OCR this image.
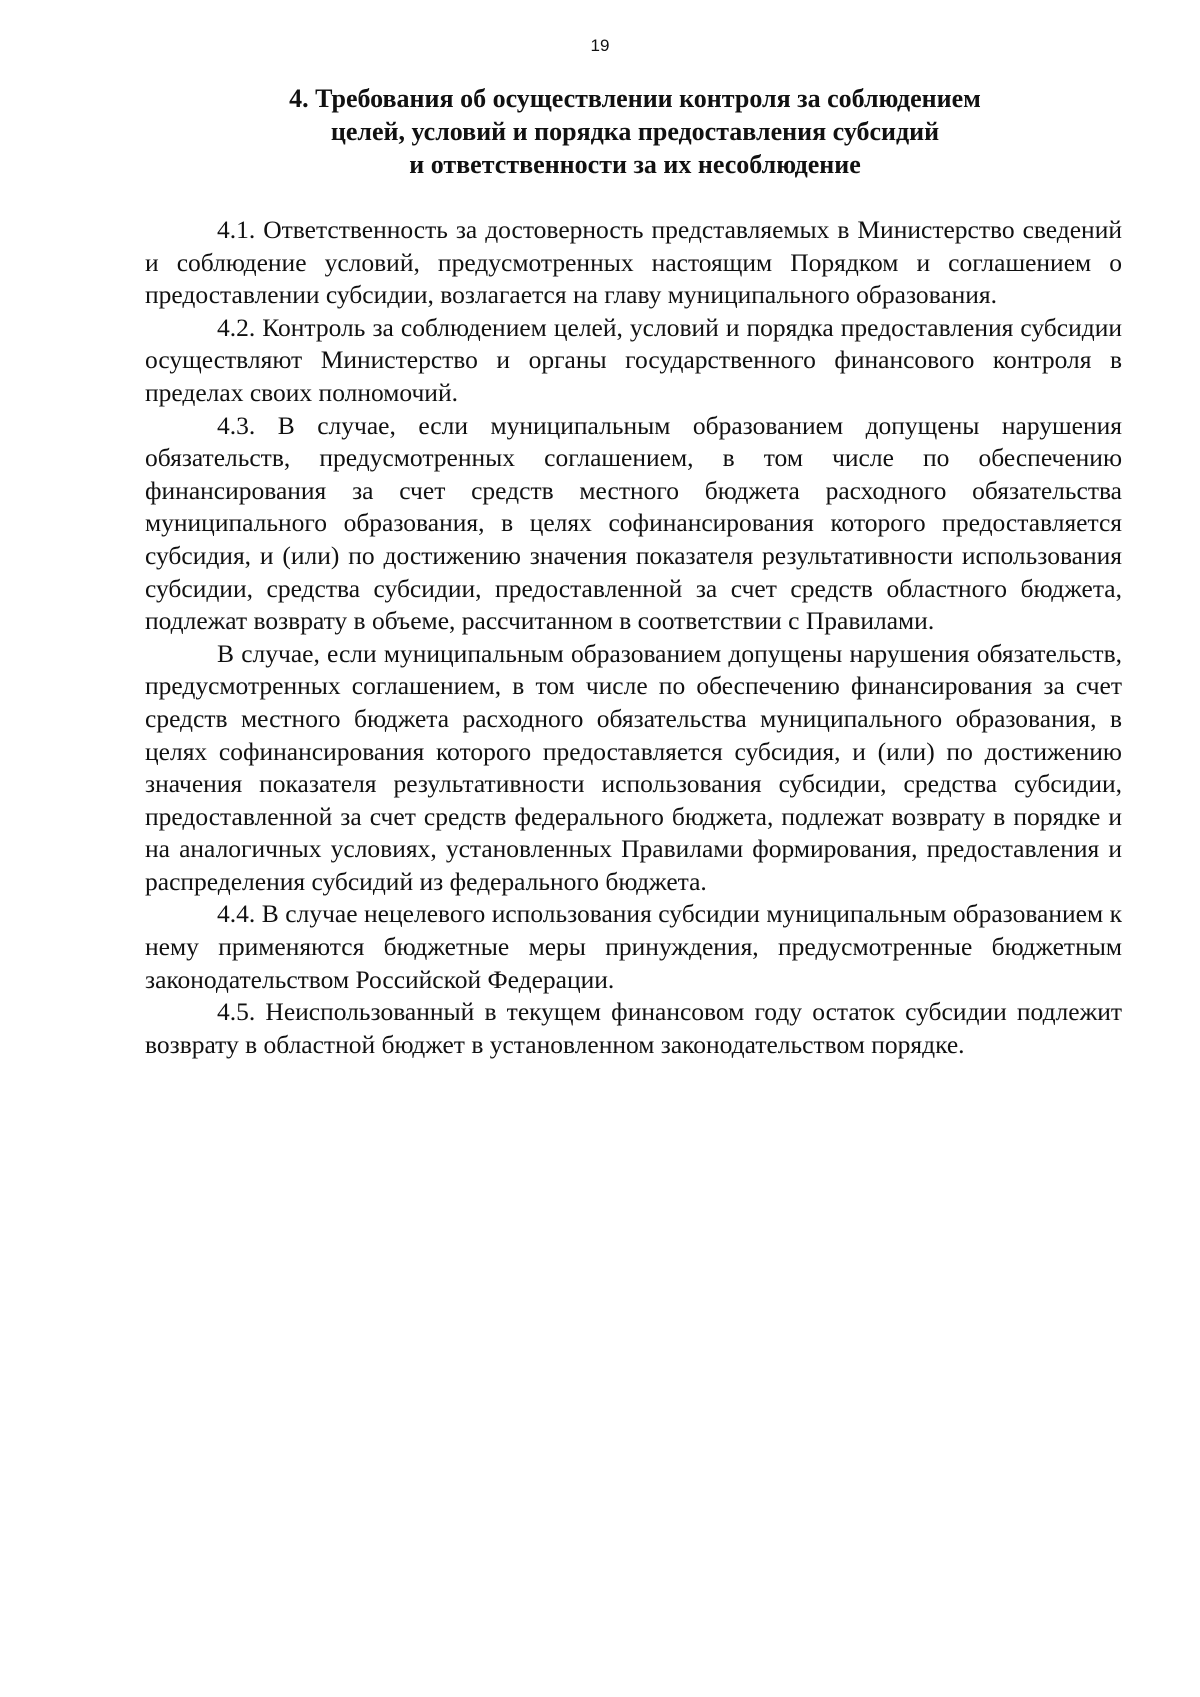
19
4. Требования об осуществлении контроля за соблюдением
целей, условий и порядка предоставления субсидий
и ответственности за их несоблюдение

4.1. Ответственность за достоверность представляемых в Министерство сведений и соблюдение условий, предусмотренных настоящим Порядком и соглашением о предоставлении субсидии, возлагается на главу муниципального образования.

4.2. Контроль за соблюдением целей, условий и порядка предоставления субсидии осуществляют Министерство и органы государственного финансового контроля в пределах своих полномочий.

4.3. В случае, если муниципальным образованием допущены нарушения обязательств, предусмотренных соглашением, в том числе по обеспечению финансирования за счет средств местного бюджета расходного обязательства муниципального образования, в целях софинансирования которого предоставляется субсидия, и (или) по достижению значения показателя результативности использования субсидии, средства субсидии, предоставленной за счет средств областного бюджета, подлежат возврату в объеме, рассчитанном в соответствии с Правилами.

В случае, если муниципальным образованием допущены нарушения обязательств, предусмотренных соглашением, в том числе по обеспечению финансирования за счет средств местного бюджета расходного обязательства муниципального образования, в целях софинансирования которого предоставляется субсидия, и (или) по достижению значения показателя результативности использования субсидии, средства субсидии, предоставленной за счет средств федерального бюджета, подлежат возврату в порядке и на аналогичных условиях, установленных Правилами формирования, предоставления и распределения субсидий из федерального бюджета.

4.4. В случае нецелевого использования субсидии муниципальным образованием к нему применяются бюджетные меры принуждения, предусмотренные бюджетным законодательством Российской Федерации.

4.5. Неиспользованный в текущем финансовом году остаток субсидии подлежит возврату в областной бюджет в установленном законодательством порядке.
